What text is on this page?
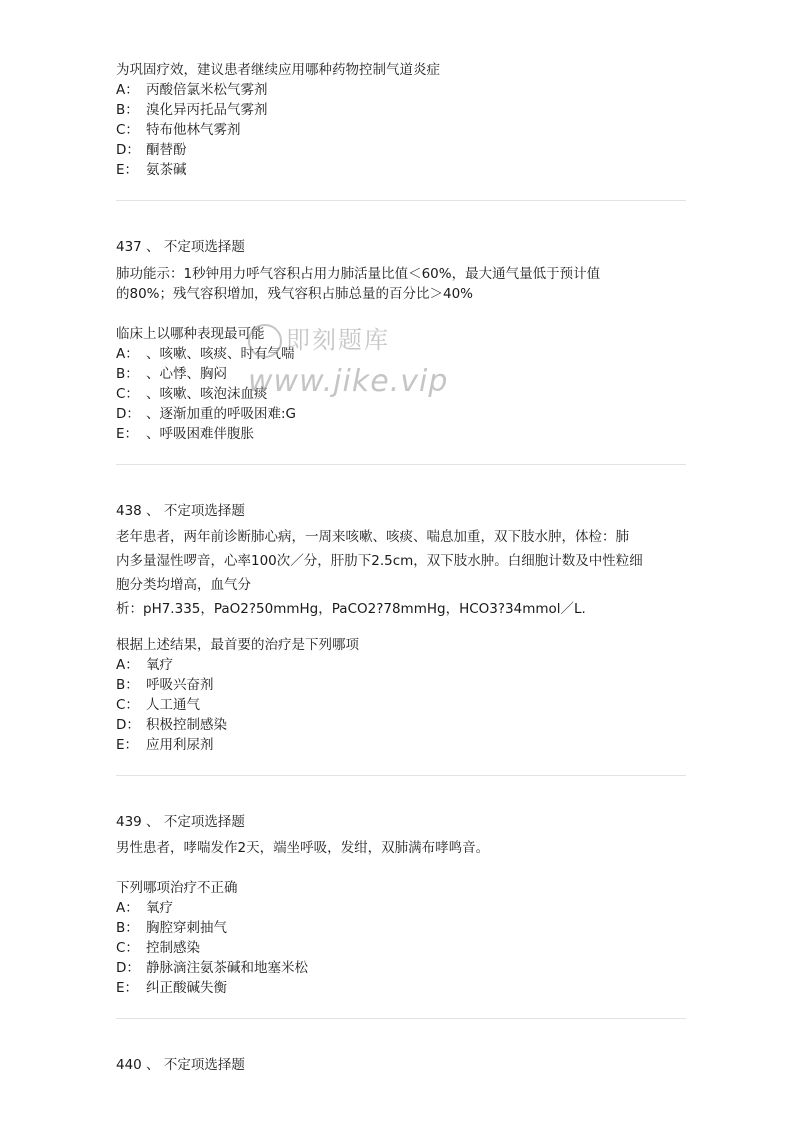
为巩固疗效，建议患者继续应用哪种药物控制气道炎症
A： 丙酸倍氯米松气雾剂
B： 溴化异丙托品气雾剂
C： 特布他林气雾剂
D： 酮替酚
E： 氨茶碱
437 、 不定项选择题
肺功能示：1秒钟用力呼气容积占用力肺活量比值＜60%，最大通气量低于预计值
的80%；残气容积增加，残气容积占肺总量的百分比＞40%
临床上以哪种表现最可能
A： 、咳嗽、咳痰、时有气喘
B： 、心悸、胸闷
C： 、咳嗽、咳泡沫血痰
D： 、逐渐加重的呼吸困难:G
E： 、呼吸困难伴腹胀
438 、 不定项选择题
老年患者，两年前诊断肺心病，一周来咳嗽、咳痰、喘息加重，双下肢水肿，体检：肺
内多量湿性啰音，心率100次／分，肝肋下2.5cm，双下肢水肿。白细胞计数及中性粒细
胞分类均增高，血气分
析：pH7.335，PaO2?50mmHg，PaCO2?78mmHg，HCO3?34mmol／L.
根据上述结果，最首要的治疗是下列哪项
A： 氧疗
B： 呼吸兴奋剂
C： 人工通气
D： 积极控制感染
E： 应用利尿剂
439 、 不定项选择题
男性患者，哮喘发作2天，端坐呼吸，发绀，双肺满布哮鸣音。
下列哪项治疗不正确
A： 氧疗
B： 胸腔穿刺抽气
C： 控制感染
D： 静脉滴注氨茶碱和地塞米松
E： 纠正酸碱失衡
440 、 不定项选择题
即刻题库
www.jike.vip
